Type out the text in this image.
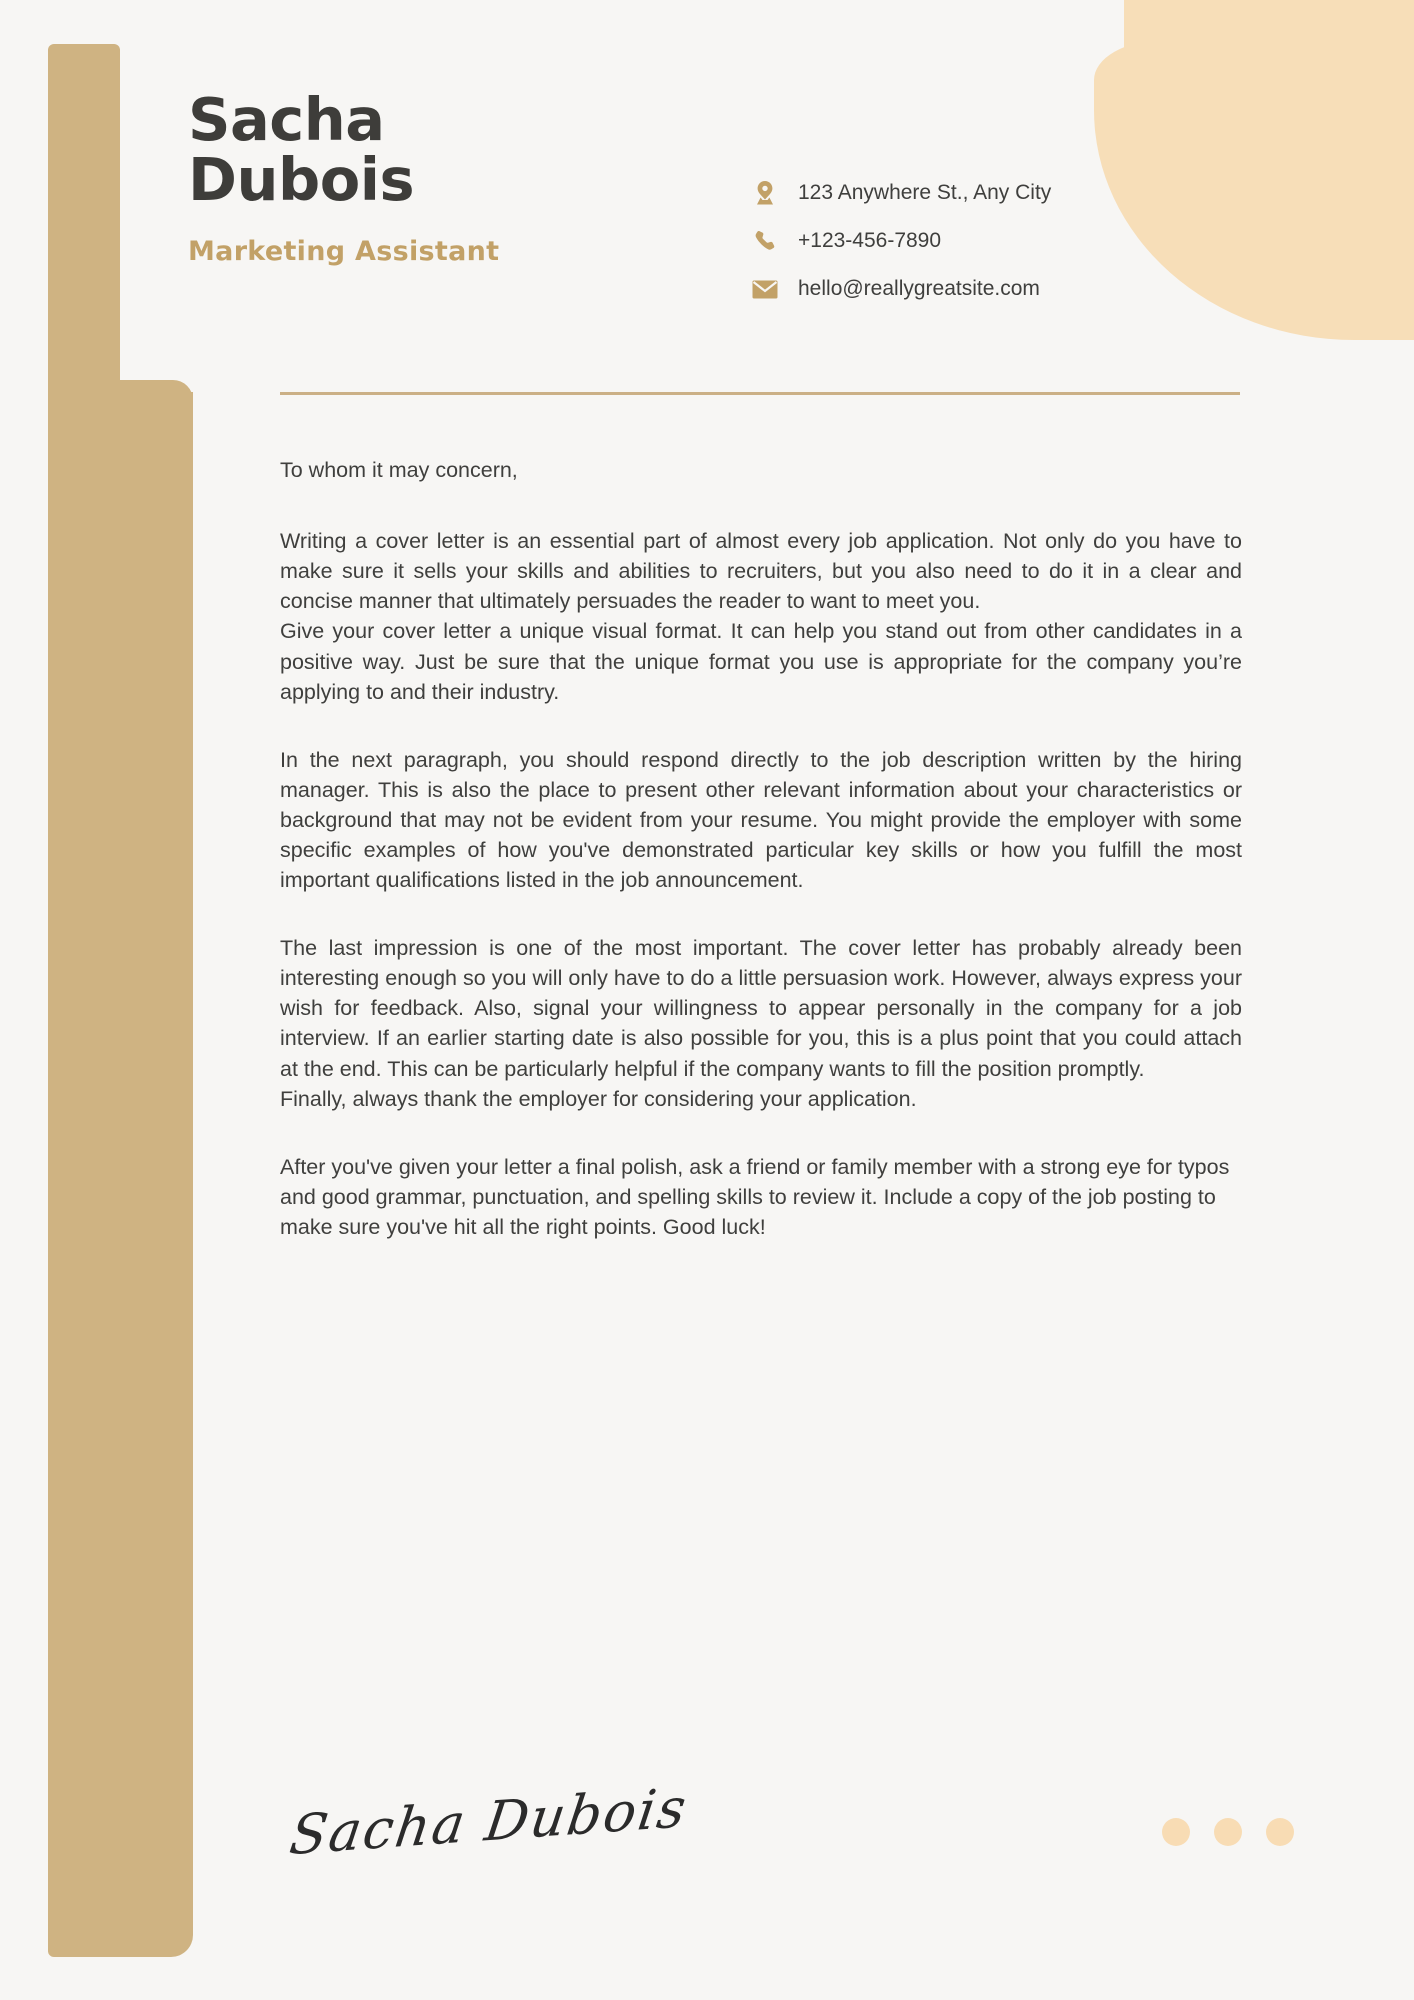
Sacha
Dubois
Marketing Assistant
123 Anywhere St., Any City
+123-456-7890
hello@reallygreatsite.com
To whom it may concern,
Writing a cover letter is an essential part of almost every job application. Not only do you have to make sure it sells your skills and abilities to recruiters, but you also need to do it in a clear and concise manner that ultimately persuades the reader to want to meet you.
Give your cover letter a unique visual format. It can help you stand out from other candidates in a positive way. Just be sure that the unique format you use is appropriate for the company you’re applying to and their industry.
In the next paragraph, you should respond directly to the job description written by the hiring manager. This is also the place to present other relevant information about your characteristics or background that may not be evident from your resume. You might provide the employer with some specific examples of how you've demonstrated particular key skills or how you fulfill the most important qualifications listed in the job announcement.
The last impression is one of the most important. The cover letter has probably already been interesting enough so you will only have to do a little persuasion work. However, always express your wish for feedback. Also, signal your willingness to appear personally in the company for a job interview. If an earlier starting date is also possible for you, this is a plus point that you could attach at the end. This can be particularly helpful if the company wants to fill the position promptly.
Finally, always thank the employer for considering your application.
After you've given your letter a final polish, ask a friend or family member with a strong eye for typos and good grammar, punctuation, and spelling skills to review it. Include a copy of the job posting to make sure you've hit all the right points. Good luck!
Sacha Dubois
